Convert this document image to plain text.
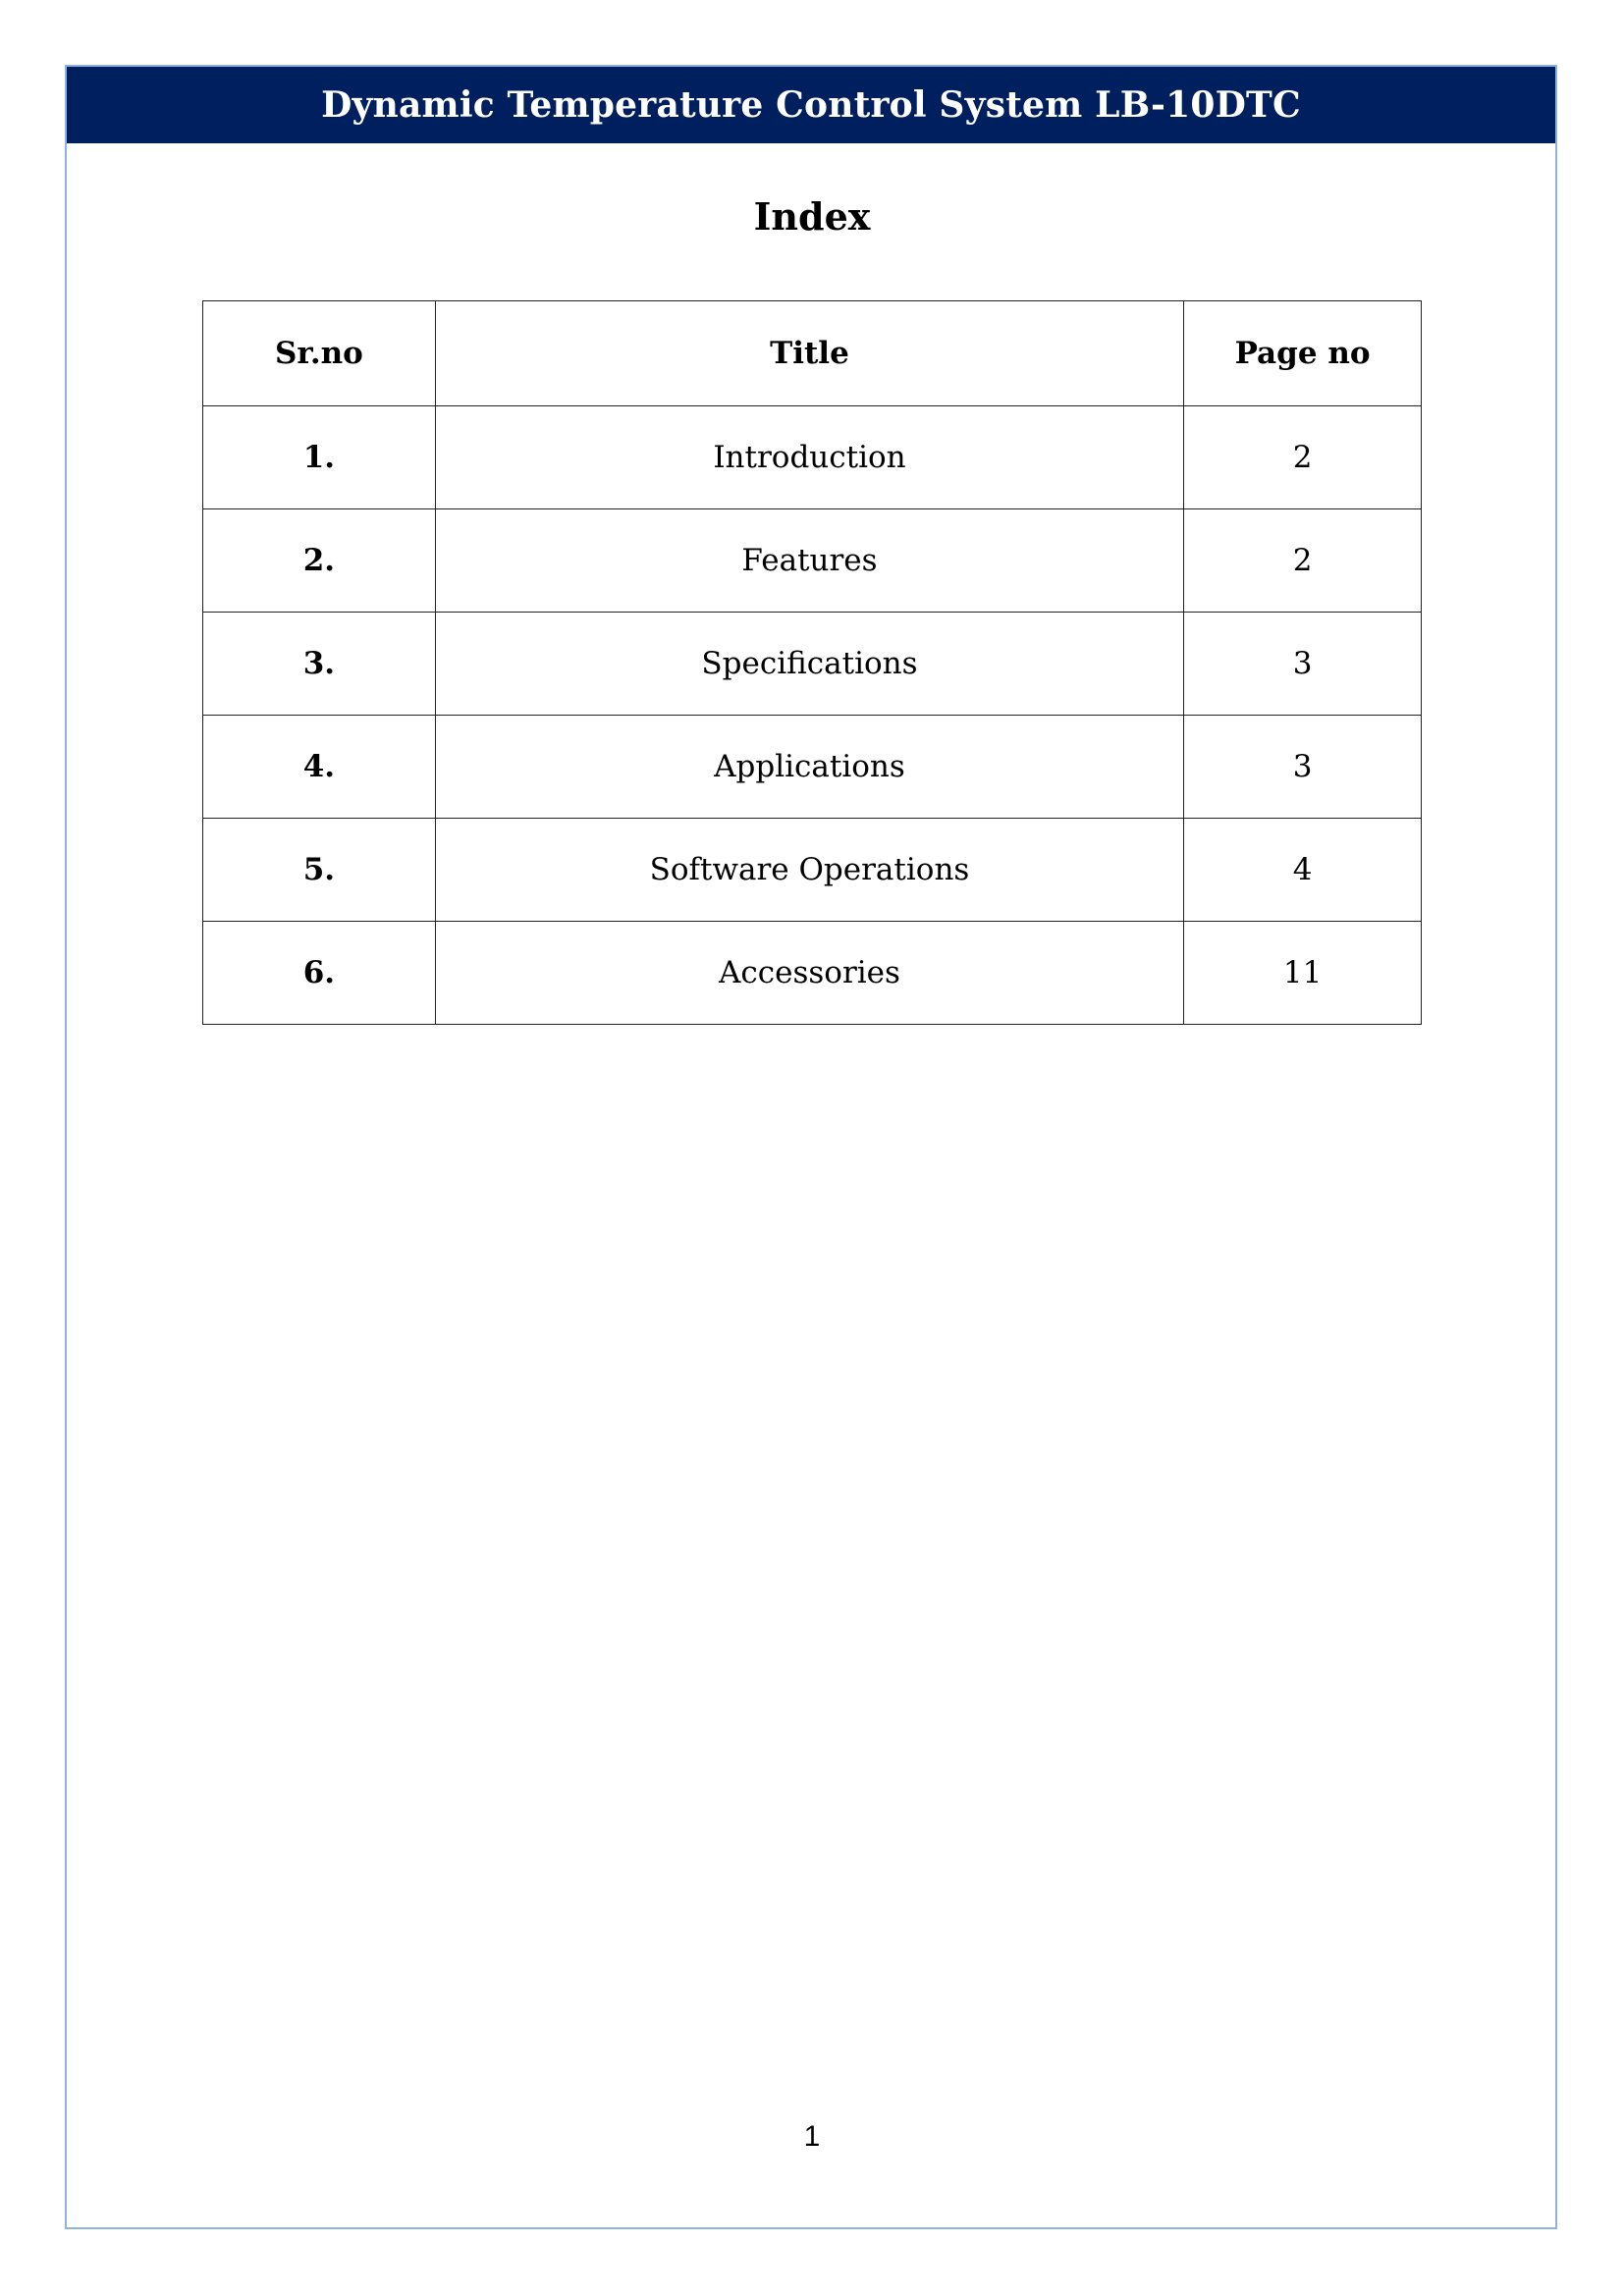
Dynamic Temperature Control System LB-10DTC
Index
Sr.no	Title	Page no
1.	Introduction	2
2.	Features	2
3.	Specifications	3
4.	Applications	3
5.	Software Operations	4
6.	Accessories	11
1
